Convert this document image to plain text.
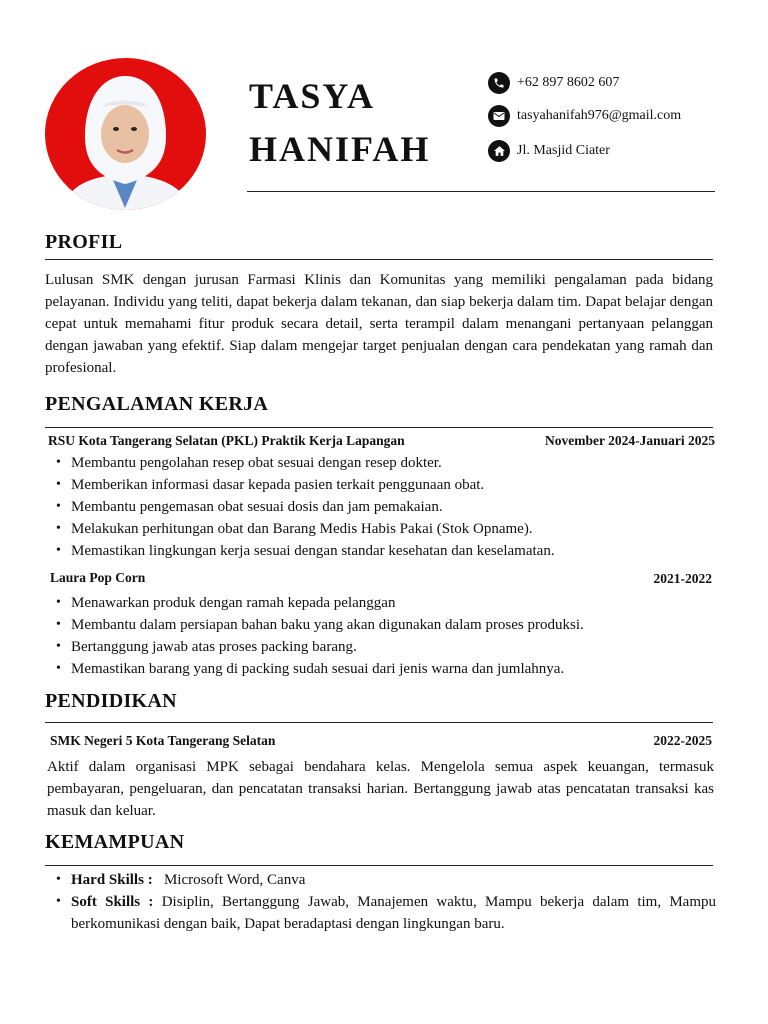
TASYA
HANIFAH
+62 897 8602 607
tasyahanifah976@gmail.com
Jl. Masjid Ciater
PROFIL
Lulusan SMK dengan jurusan Farmasi Klinis dan Komunitas yang memiliki pengalaman pada bidang pelayanan. Individu yang teliti, dapat bekerja dalam tekanan, dan siap bekerja dalam tim. Dapat belajar dengan cepat untuk memahami fitur produk secara detail, serta terampil dalam menangani pertanyaan pelanggan dengan jawaban yang efektif. Siap dalam mengejar target penjualan dengan cara pendekatan yang ramah dan profesional.
PENGALAMAN KERJA
RSU Kota Tangerang Selatan (PKL) Praktik Kerja Lapangan	November 2024-Januari 2025
• Membantu pengolahan resep obat sesuai dengan resep dokter.
• Memberikan informasi dasar kepada pasien terkait penggunaan obat.
• Membantu pengemasan obat sesuai dosis dan jam pemakaian.
• Melakukan perhitungan obat dan Barang Medis Habis Pakai (Stok Opname).
• Memastikan lingkungan kerja sesuai dengan standar kesehatan dan keselamatan.
Laura Pop Corn	2021-2022
• Menawarkan produk dengan ramah kepada pelanggan
• Membantu dalam persiapan bahan baku yang akan digunakan dalam proses produksi.
• Bertanggung jawab atas proses packing barang.
• Memastikan barang yang di packing sudah sesuai dari jenis warna dan jumlahnya.
PENDIDIKAN
SMK Negeri 5 Kota Tangerang Selatan	2022-2025
Aktif dalam organisasi MPK sebagai bendahara kelas. Mengelola semua aspek keuangan, termasuk pembayaran, pengeluaran, dan pencatatan transaksi harian. Bertanggung jawab atas pencatatan transaksi kas masuk dan keluar.
KEMAMPUAN
• Hard Skills : Microsoft Word, Canva
• Soft Skills : Disiplin, Bertanggung Jawab, Manajemen waktu, Mampu bekerja dalam tim, Mampu berkomunikasi dengan baik, Dapat beradaptasi dengan lingkungan baru.
